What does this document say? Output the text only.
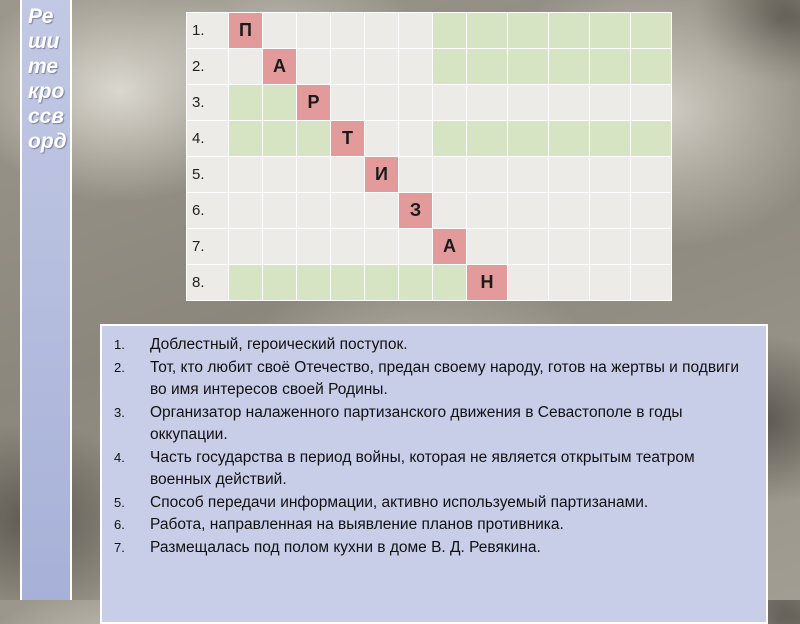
Реши те кроссворд
1.	П											
2.		А										
3.			Р									
4.				Т								
5.					И							
6.						З						
7.							А					
8.								Н				
1.	Доблестный, героический поступок.
2.	Тот, кто любит своё Отечество, предан своему народу, готов на жертвы и подвиги во имя интересов своей Родины.
3.	Организатор налаженного партизанского движения в Севастополе в годы оккупации.
4.	Часть государства в период войны, которая не является открытым театром военных действий.
5.	Способ передачи информации, активно используемый партизанами.
6.	Работа, направленная на выявление планов противника.
7.	Размещалась под полом кухни в доме В. Д. Ревякина.
